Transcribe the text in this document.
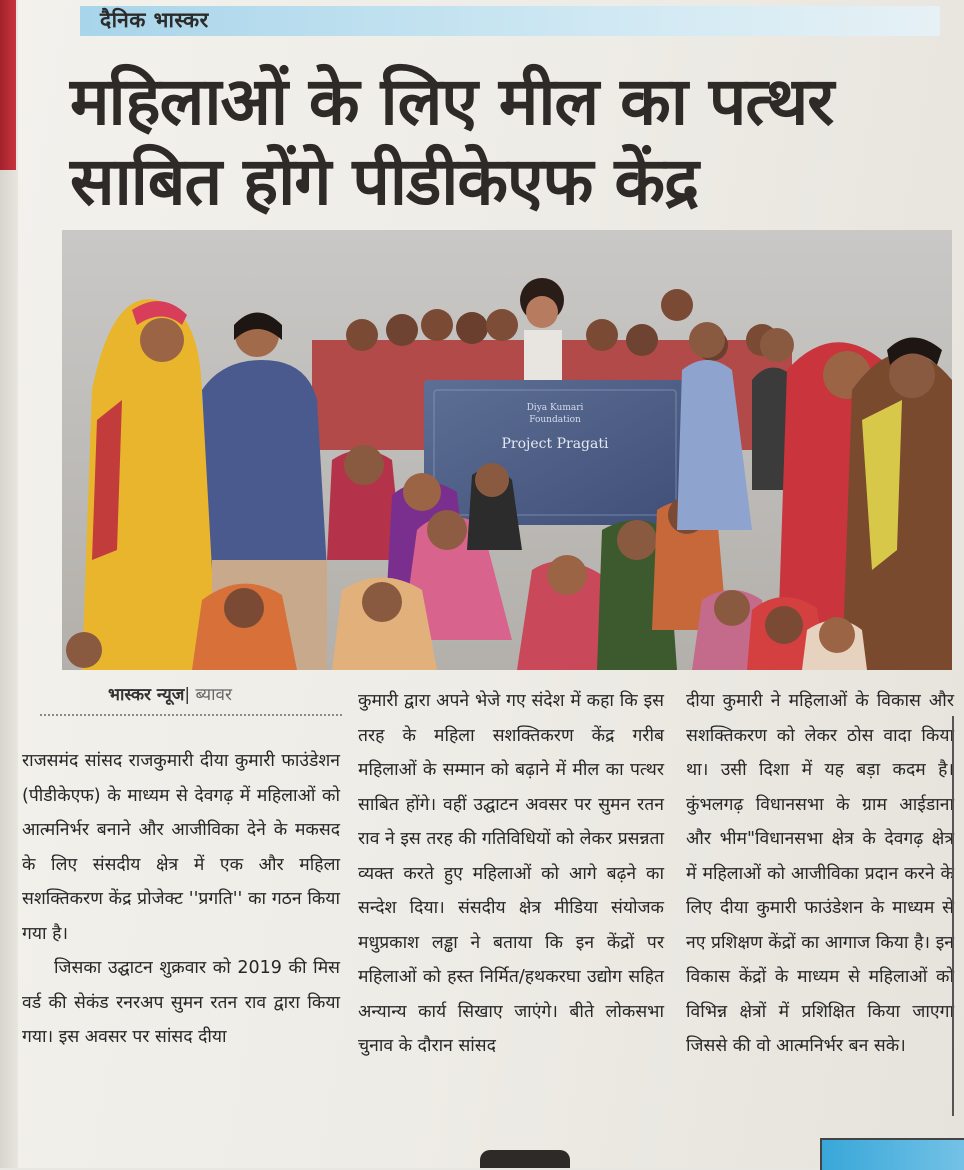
दैनिक भास्कर
महिलाओं के लिए मील का पत्थर
साबित होंगे पीडीकेएफ केंद्र
Diya Kumari
Foundation
Project Pragati
भास्कर न्यूज| ब्यावर

राजसमंद सांसद राजकुमारी दीया कुमारी फाउंडेशन (पीडीकेएफ) के माध्यम से देवगढ़ में महिलाओं को आत्मनिर्भर बनाने और आजीविका देने के मकसद के लिए संसदीय क्षेत्र में एक और महिला सशक्तिकरण केंद्र प्रोजेक्ट ''प्रगति'' का गठन किया गया है।

जिसका उद्घाटन शुक्रवार को 2019 की मिस वर्ड की सेकंड रनरअप सुमन रतन राव द्वारा किया गया। इस अवसर पर सांसद दीया

कुमारी द्वारा अपने भेजे गए संदेश में कहा कि इस तरह के महिला सशक्तिकरण केंद्र गरीब महिलाओं के सम्मान को बढ़ाने में मील का पत्थर साबित होंगे। वहीं उद्घाटन अवसर पर सुमन रतन राव ने इस तरह की गतिविधियों को लेकर प्रसन्नता व्यक्त करते हुए महिलाओं को आगे बढ़ने का सन्देश दिया। संसदीय क्षेत्र मीडिया संयोजक मधुप्रकाश लड्ढा ने बताया कि इन केंद्रों पर महिलाओं को हस्त निर्मित/हथकरघा उद्योग सहित अन्यान्य कार्य सिखाए जाएंगे। बीते लोकसभा चुनाव के दौरान सांसद

दीया कुमारी ने महिलाओं के विकास और सशक्तिकरण को लेकर ठोस वादा किया था। उसी दिशा में यह बड़ा कदम है। कुंभलगढ़ विधानसभा के ग्राम आईडाना और भीम"विधानसभा क्षेत्र के देवगढ़ क्षेत्र में महिलाओं को आजीविका प्रदान करने के लिए दीया कुमारी फाउंडेशन के माध्यम से नए प्रशिक्षण केंद्रों का आगाज किया है। इन विकास केंद्रों के माध्यम से महिलाओं को विभिन्न क्षेत्रों में प्रशिक्षित किया जाएगा जिससे की वो आत्मनिर्भर बन सके।
